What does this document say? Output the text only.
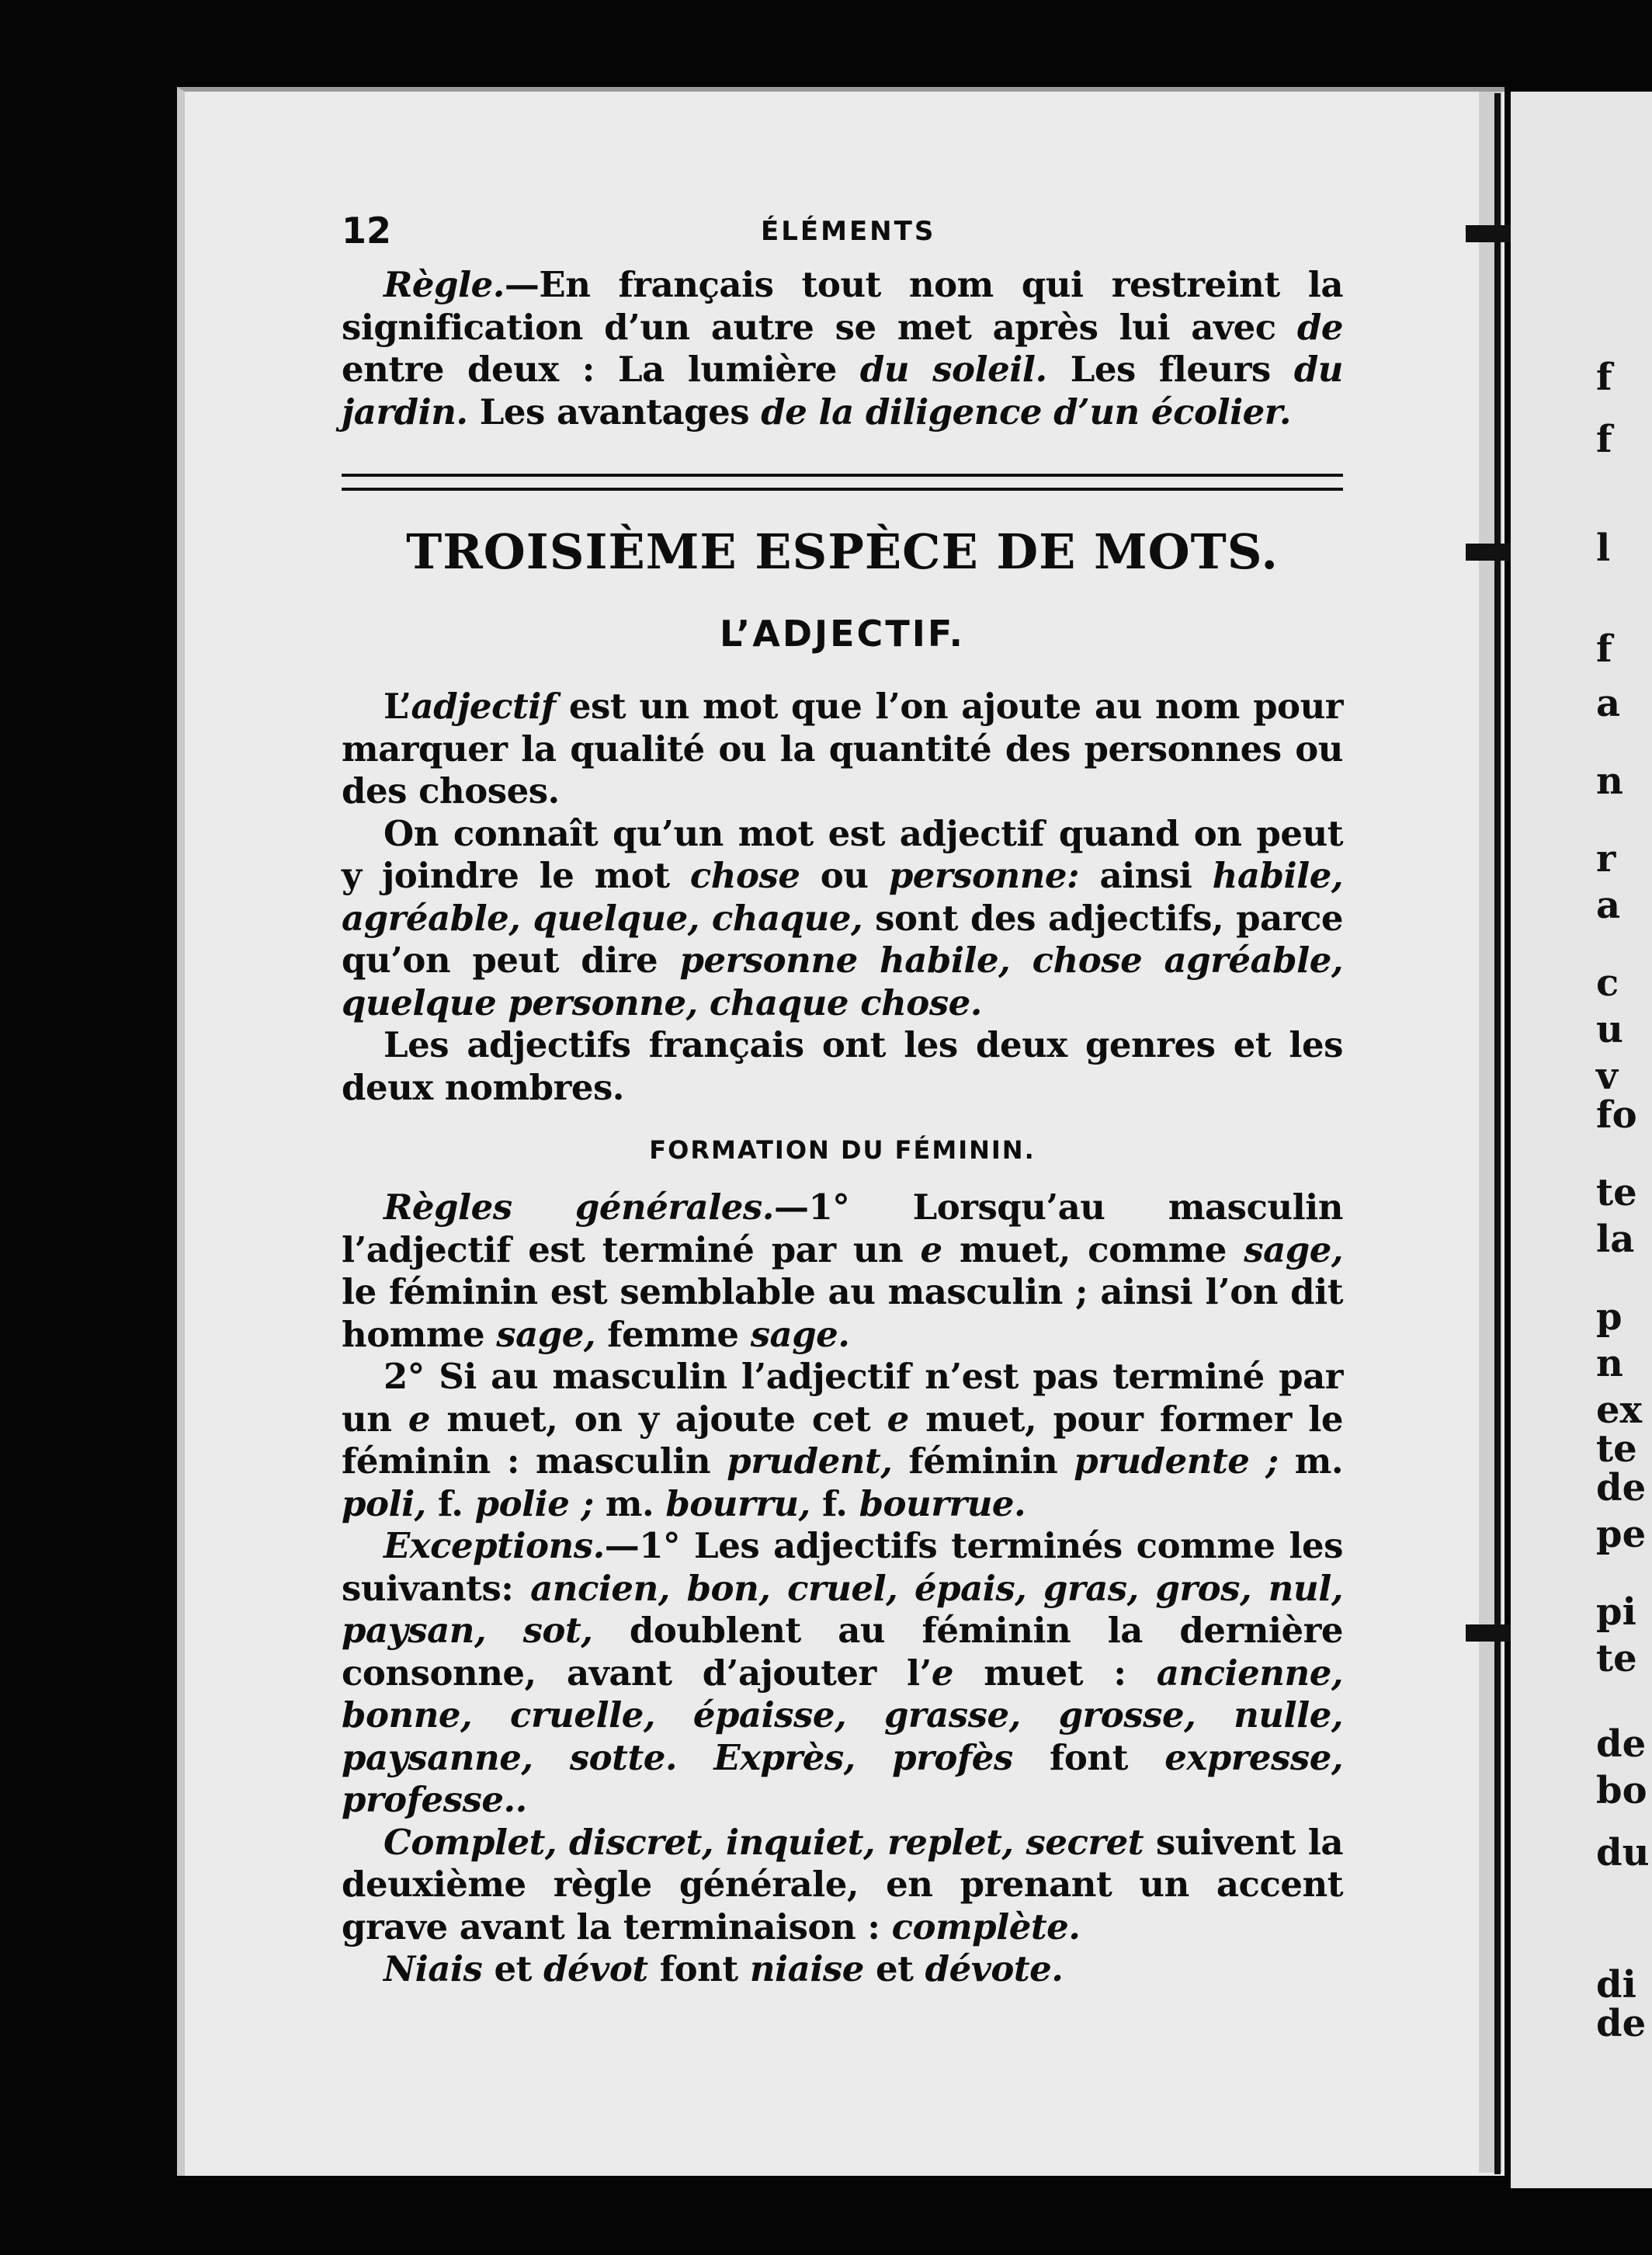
f
f
l
f
a
n
r
a
c
u
v
fo
te
la
p
n
ex
te
de
pe
pi
te
de
bo
du
di
de
12	ÉLÉMENTS

Règle.—En français tout nom qui restreint la signification d’un autre se met après lui avec de entre deux : La lumière du soleil. Les fleurs du jardin. Les avantages de la diligence d’un écolier.

TROISIÈME ESPÈCE DE MOTS.
L’ADJECTIF.

L’adjectif est un mot que l’on ajoute au nom pour marquer la qualité ou la quantité des personnes ou des choses.

On connaît qu’un mot est adjectif quand on peut y joindre le mot chose ou personne: ainsi habile, agréable, quelque, chaque, sont des adjectifs, parce qu’on peut dire personne habile, chose agréable, quelque personne, chaque chose.

Les adjectifs français ont les deux genres et les deux nombres.

FORMATION DU FÉMININ.

Règles générales.—1° Lorsqu’au masculin l’adjectif est terminé par un e muet, comme sage, le féminin est semblable au masculin ; ainsi l’on dit homme sage, femme sage.

2° Si au masculin l’adjectif n’est pas terminé par un e muet, on y ajoute cet e muet, pour former le féminin : masculin prudent, féminin prudente ; m. poli, f. polie ; m. bourru, f. bourrue.

Exceptions.—1° Les adjectifs terminés comme les suivants: ancien, bon, cruel, épais, gras, gros, nul, paysan, sot, doublent au féminin la dernière consonne, avant d’ajouter l’e muet : ancienne, bonne, cruelle, épaisse, grasse, grosse, nulle, paysanne, sotte. Exprès, profès font expresse, professe..

Complet, discret, inquiet, replet, secret suivent la deuxième règle générale, en prenant un accent grave avant la terminaison : complète.

Niais et dévot font niaise et dévote.
